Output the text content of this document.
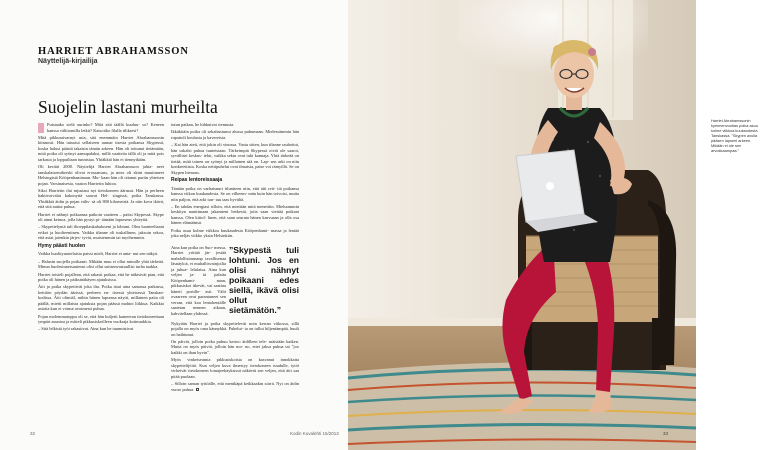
HARRIET ABRAHAMSSON
Näyttelijä-kirjailija
Suojelin lastani murheilta

Puistaako sielä aurinko? Mitä sitä täällä kuuluu- so? Keneen kanssa välittomilla leikit? Katsoitko filalla tiliksesi?

Mitä pikkuraivarnyt asia, sitä enemmäin Harriet Abrahamssonin kiinnosti. Hän tutustui sellaiseen uumar tisesta poikansa Skypessä, koska halusi päästä takaisin tämän arkeen. Hän oli tottunut tietämään, mitä poika oli syönyt aamupalaksi, millä vaatteita tällä oli ja mitä pois tarkasta ja loppuiltaan tunnistaa. Yhtäkkiä hän ei tiennytkään.

Oli keväät 2008. Näyttelijä Harriet Abrahamsson jahta- neet tanskalaisemibreski olivat erossamass, ja mies oli skint muuttaneet Helsingistä Kööpenhaminaan. Mu- kaan hän oli ottanut pariin yhteisen pojan. Varsinaisesta, vaaton Harrietin luhtoa.

Siksi Harrietin ilat mjustaut nyt tietokoneen äärassä. Hän ja perheen haktivoivalat kakonyttä saavat Hel- singissä, poika Tanskassa. Yhtäkkiä äidin ja pojan välis- sä oli 800 kilometriä. Ja niin kova ikävä, että sitä auttui puhua.

Harriet ei nähnyt poikaansa paikoin vaatteen – paitsi Skypessä. Skype oli ainut keinoa, jolla hän pystyi pi- tämään lapseseus yhteyttä.

– Skypettelyntä tuli iltoeppilaukahaloseni ja lohtuni. Oleu luonteeltaani erikoi ja huolteentinen. Vaikka tilanne oli tuskallinen, jaksoin sekoa, että asiat jotenkin järjes- tyvät, muistemmin tai myöhemmin.

Hymy päästi huolen

Vaikka huolityaastelaisia paissi mielt, Harriet ei anta- nut sen näkyä.

– Halusin suojella poikaani. Mikään muu ei ollut minulle yhtä tärkeää. Minun huolestuneisuutensi olisi ollut suitsenvastuullisi turha taakka.

Harriet toisteli pojallean, että rakasti poikaa, että he näkisivät pian, että poika oli hänen ja päiksinäkäyen ajatuksissa.

Äiti ja poika skypettivät joka ilta. Poika istui aina samassa paikassa, keittiön pöydän äärissä, perheen en- tisessä yhteisessä Tanskan-kodissa. Äiti olimiäl, mihin hänen lapsensa näytti, millainen paita oli päällä, mietti millaista ajatuksia pojan päässä mahtoi liikkua. Kaikkia asioita kun ei voinut avoimesti puhua.

Pojan molemmatoppu oli se, että hän kuljetti kameeran tietokoneettaan ympäri asuntoa ja esitteli pikkusiskoilleen vuokraja kotimarkkia.

– Sitä lelkistä työt rakastivat. Aina kun he tuunnistivat

tutun paikan, he hihkuivat riemusta.

Ikkäkitäin poika oli sekaltustunut alussa puhumaan. Mielessämmin hän rupattoli koulusta ja kavereista.

– Kai hän aieti, että jokin oli vinossa. Vastu sitten, kun tilanne rauhottui, hän uskalsi puhua tunteistaan. Tärkeimpiä Skypessä oivät ole saarot, syvälliset keskus- telut, vaikka sekin ovat tuki kannaja. Yhtä tärkeää on tietää, mitä toinen on syönyt ja millainen sää on. Lap- sen arki on niin konkreettista. Koska nettipuhelut ovat ilmaisia, paise voi rämyillä. Se on Skypen hienous.

Reipas lentoreissaaja

Tänään poika on varhaisnuri tiluniteen niin, että äiti reit- tiä poikansa kanssa viikon kuukaudesta. Se on vilkeem- män kuin hän toivoisi, mutta niin paljon, että arki tun- tuu taas hyvältä.

– En tahdas energiasi silloin, että mietitän mitä menettiin. Mieluummin keskityn nauttimaan jakamieni hetkestä, joita saan viettää poikani kanssa. Olen kiitol- linen, että saan seurata hänen kasvuaan ja olla osa hänen elämäänsä.

Poika asuu kolme viikkoa kuukaudesta Kööpenhami- massa ja lentää joka neljäs viikko yksin Helsinkiin.

Aina kun poika on Suo- messa, Harriet yrittää jär- jestää mahdollisimmanp tavallisenaa läsnäyloä, ei muhallisvainjoilia ja juhua- lelulaisa. Aina kun veljen ja- tä palaita Kööpenhami- naan, pikkusiskot itkevät, vaí saattua häneti portille- asti. Välit ovaareen ovat parantuneet sen verran, että koa lentokentälle saatetan nennen aikaan, kahvitellaan yhdessä.

”Skypestä tuli lohtuni. Jos en olisi nähnyt poikaani edes siellä, ikävä olisi ollut sietämätön.”

Nykyään Harriet ja poika skypettelevät noin kerran viikossa, sillä pojalla on myös oma kännykkä. Puhelui- ta on tullut hiljentämpää, huuli on haihtunut.

On päiviä, jolloin poika puhuu kertoo äidilleen tele- mäistään kaiken. Mutta on myös päiviä, jolloin hän mo- no, ettei jaksa puhua tai "joo kaikki on ihan hyvin".

Myös vinkeiseamia pikkusiskoista on kasvanut innokkaita skypettelijöitä. Kun veljen kuva ilmestyy tietokoneen ruudulle, tytöt virheivät tietokoneen lomajeekäyksissä näkävät sen veljen, että äiti saa pitää puolaan.

– Silloin saman tyttöälle, että menikäpä keikkaakin siirrä. Nyt on äidin vuoro puhua.

32	Kodin Kuvalehti 16/2013
Harriet Abrahamssonin kymmenvuotias poika asuu kolme viikkoa kuukaudesta Tanskassa. "Skypen avulla pääsen lapseni arkeen. Mikään ei ole sen arvokkaampaa."
33
